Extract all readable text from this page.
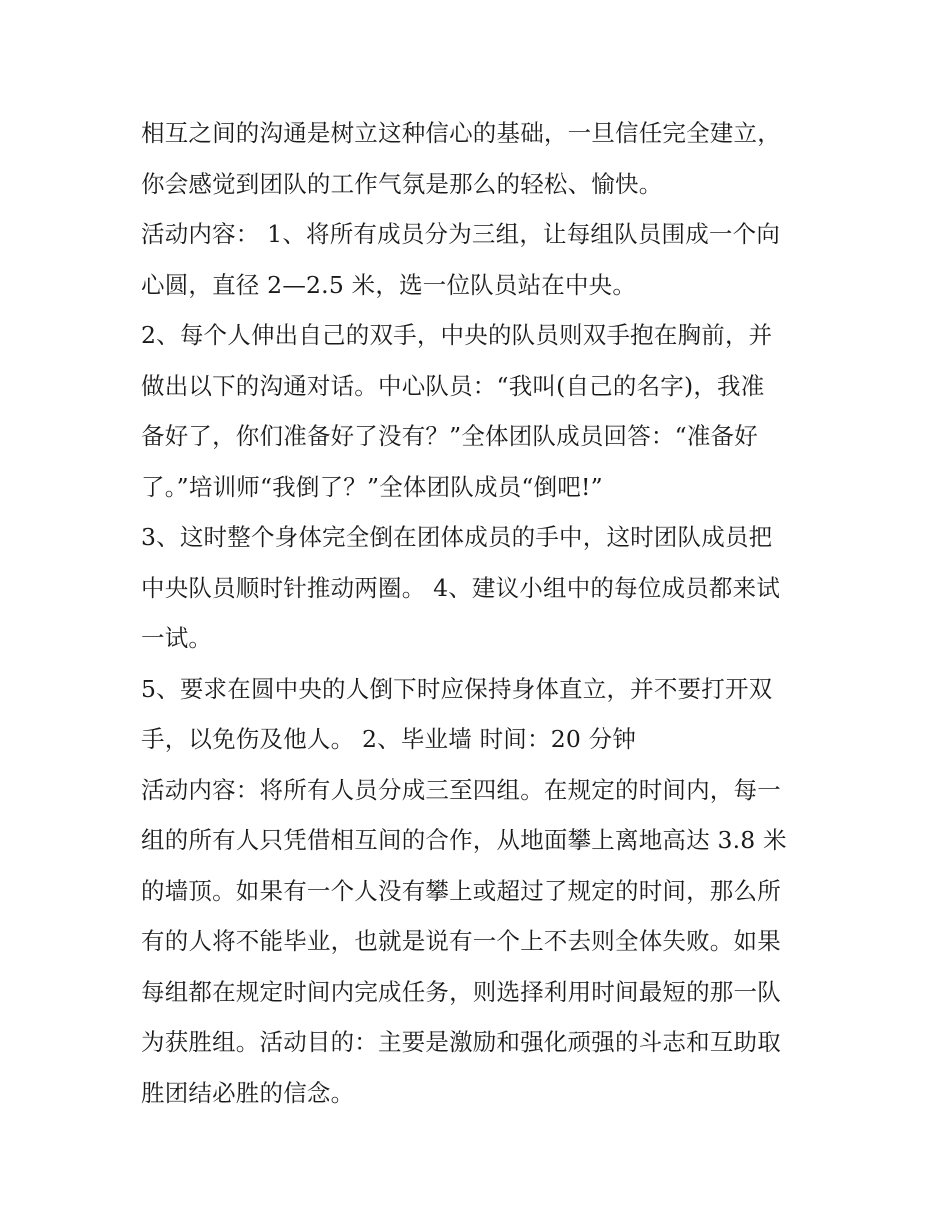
相互之间的沟通是树立这种信心的基础，一旦信任完全建立，
你会感觉到团队的工作气氛是那么的轻松、愉快。
活动内容： 1、将所有成员分为三组，让每组队员围成一个向
心圆，直径 2—2.5 米，选一位队员站在中央。
2、每个人伸出自己的双手，中央的队员则双手抱在胸前，并
做出以下的沟通对话。中心队员：“我叫(自己的名字)，我准
备好了，你们准备好了没有？”全体团队成员回答：“准备好
了。”培训师“我倒了？”全体团队成员“倒吧!”
3、这时整个身体完全倒在团体成员的手中，这时团队成员把
中央队员顺时针推动两圈。 4、建议小组中的每位成员都来试
一试。
5、要求在圆中央的人倒下时应保持身体直立，并不要打开双
手，以免伤及他人。 2、毕业墙 时间：20 分钟
活动内容：将所有人员分成三至四组。在规定的时间内，每一
组的所有人只凭借相互间的合作，从地面攀上离地高达 3.8 米
的墙顶。如果有一个人没有攀上或超过了规定的时间，那么所
有的人将不能毕业，也就是说有一个上不去则全体失败。如果
每组都在规定时间内完成任务，则选择利用时间最短的那一队
为获胜组。活动目的：主要是激励和强化顽强的斗志和互助取
胜团结必胜的信念。
